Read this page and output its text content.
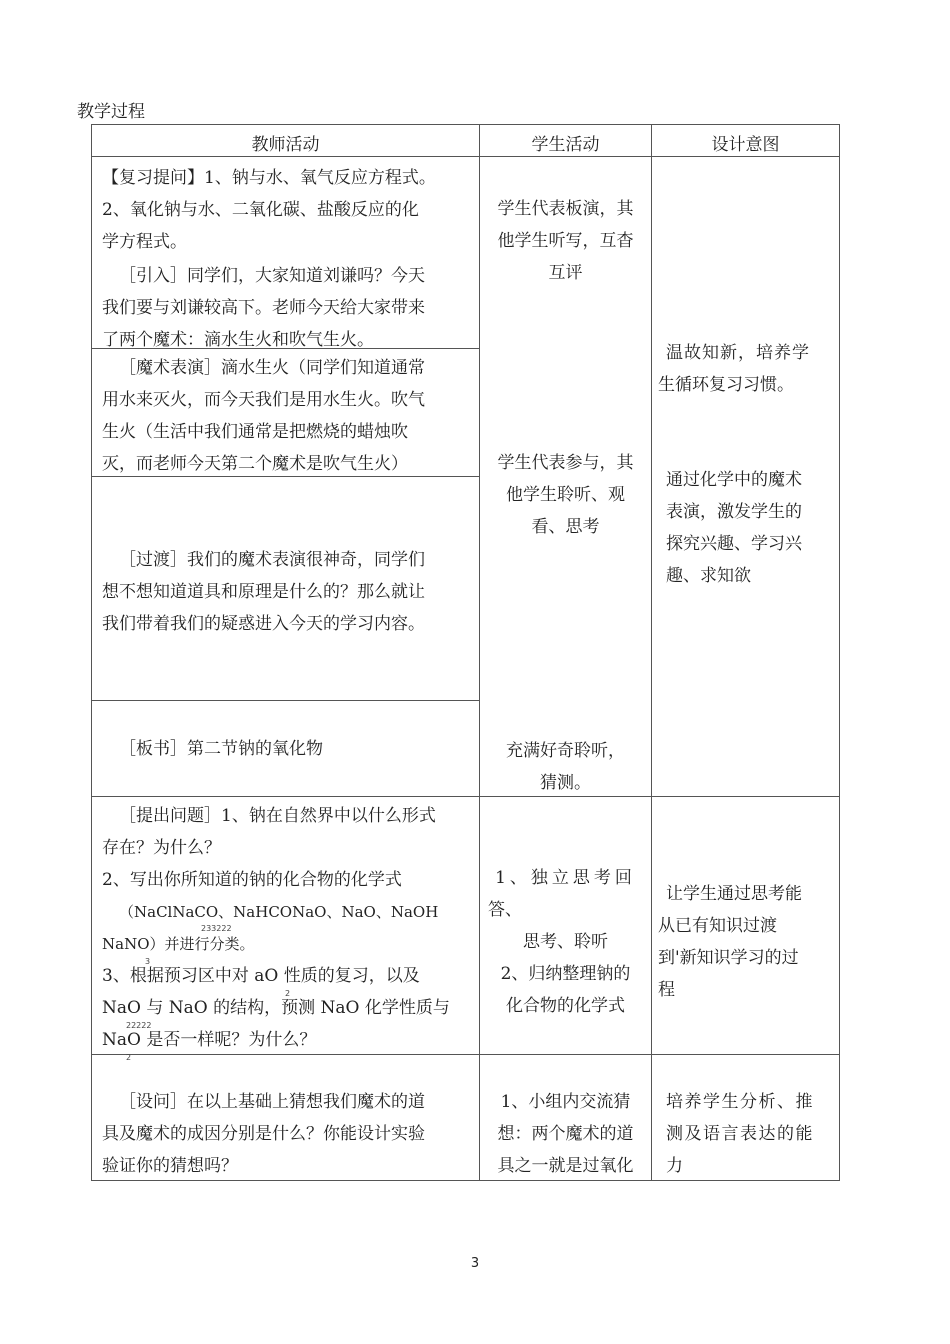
教学过程
教师活动	学生活动	设计意图

【复习提问】1、钠与水、氧气反应方程式。

2、氧化钠与水、二氧化碳、盐酸反应的化

学方程式。

［引入］同学们，大家知道刘谦吗？今天

我们要与刘谦较高下。老师今天给大家带来

了两个魔术：滴水生火和吹气生火。

［魔术表演］滴水生火（同学们知道通常

用水来灭火，而今天我们是用水生火。吹气

生火（生活中我们通常是把燃烧的蜡烛吹

灭，而老师今天第二个魔术是吹气生火）

［过渡］我们的魔术表演很神奇，同学们

想不想知道道具和原理是什么的？那么就让

我们带着我们的疑惑进入今天的学习内容。

［板书］第二节钠的氧化物

［提出问题］1、钠在自然界中以什么形式

存在？为什么？

2、写出你所知道的钠的化合物的化学式

（NaClNaCO、NaHCONaO、NaO、NaOH

NaNO）并进行分类。

3、根据预习区中对 aO 性质的复习，以及

NaO 与 NaO 的结构，预测 NaO 化学性质与

NaO 是否一样呢？为什么？

233222
3
2
22222
2

［设问］在以上基础上猜想我们魔术的道

具及魔术的成因分别是什么？你能设计实验

验证你的猜想吗？

学生代表板演，其

他学生听写，互杳

互评

学生代表参与，其

他学生聆听、观

看、思考

充满好奇聆听，

猜测。

1、独立思考回

答、

思考、聆听

2、归纳整理钠的

化合物的化学式

1、小组内交流猜

想：两个魔术的道

具之一就是过氧化

温故知新，培养学

生循环复习习惯。

通过化学中的魔术

表演，激发学生的

探究兴趣、学习兴

趣、求知欲

让学生通过思考能

从已有知识过渡

到'新知识学习的过

程

培养学生分析、推

测及语言表达的能

力

3
